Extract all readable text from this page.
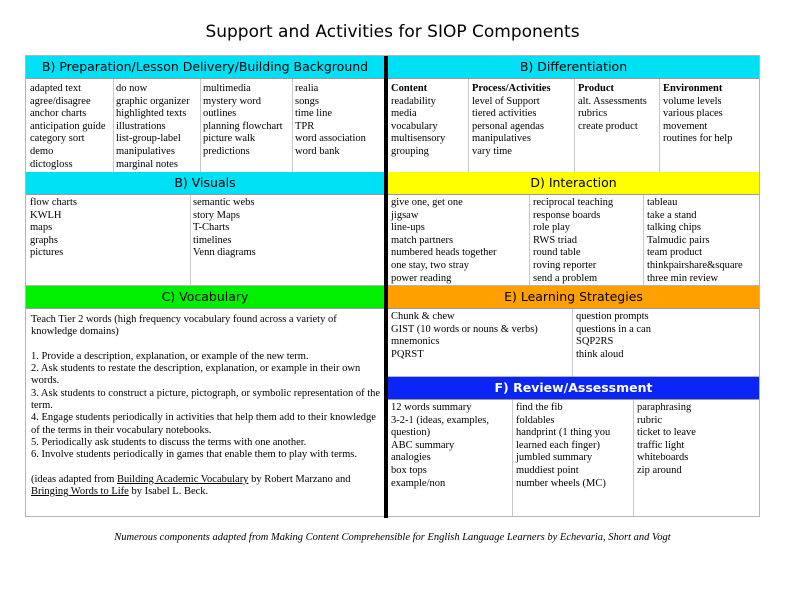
Support and Activities for SIOP Components
B) Preparation/Lesson Delivery/Building Background
adapted text
agree/disagree
anchor charts
anticipation guide
category sort
demo
dictogloss
do now
graphic organizer
highlighted texts
illustrations
list-group-label
manipulatives
marginal notes
multimedia
mystery word
outlines
planning flowchart
picture walk
predictions
realia
songs
time line
TPR
word association
word bank
B) Differentiation
Content
readability
media
vocabulary
multisensory
grouping
Process/Activities
level of Support
tiered activities
personal agendas
manipulatives
vary time
Product
alt. Assessments
rubrics
create product
Environment
volume levels
various places
movement
routines for help
B) Visuals
flow charts
KWLH
maps
graphs
pictures
semantic webs
story Maps
T-Charts
timelines
Venn diagrams
D) Interaction
give one, get one
jigsaw
line-ups
match partners
numbered heads together
one stay, two stray
power reading
reciprocal teaching
response boards
role play
RWS triad
round table
roving reporter
send a problem
tableau
take a stand
talking chips
Talmudic pairs
team product
thinkpairshare&square
three min review
C) Vocabulary

Teach Tier 2 words (high frequency vocabulary found across a variety of knowledge domains)

1. Provide a description, explanation, or example of the new term.

2. Ask students to restate the description, explanation, or example in their own words.

3. Ask students to construct a picture, pictograph, or symbolic representation of the term.

4. Engage students periodically in activities that help them add to their knowledge of the terms in their vocabulary notebooks.

5. Periodically ask students to discuss the terms with one another.

6. Involve students periodically in games that enable them to play with terms.

(ideas adapted from Building Academic Vocabulary by Robert Marzano and Bringing Words to Life by Isabel L. Beck.

E) Learning Strategies
Chunk & chew
GIST (10 words or nouns & verbs)
mnemonics
PQRST
question prompts
questions in a can
SQP2RS
think aloud
F) Review/Assessment
12 words summary
3-2-1 (ideas, examples,
question)
ABC summary
analogies
box tops
example/non
find the fib
foldables
handprint (1 thing you
learned each finger)
jumbled summary
muddiest point
number wheels (MC)
paraphrasing
rubric
ticket to leave
traffic light
whiteboards
zip around
Numerous components adapted from Making Content Comprehensible for English Language Learners by Echevaria, Short and Vogt
